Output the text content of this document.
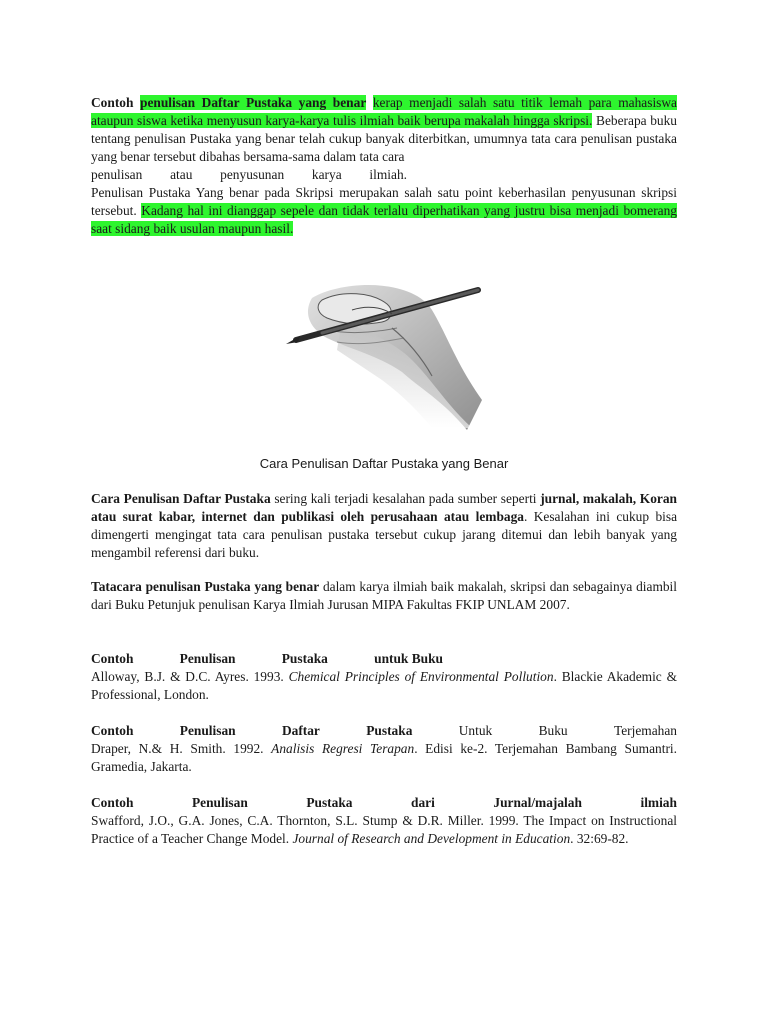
Contoh penulisan Daftar Pustaka yang benar kerap menjadi salah satu titik lemah para mahasiswa ataupun siswa ketika menyusun karya-karya tulis ilmiah baik berupa makalah hingga skripsi. Beberapa buku tentang penulisan Pustaka yang benar telah cukup banyak diterbitkan, umumnya tata cara penulisan pustaka yang benar tersebut dibahas bersama-sama dalam tata cara
penulisan atau penyusunan karya ilmiah.
Penulisan Pustaka Yang benar pada Skripsi merupakan salah satu point keberhasilan penyusunan skripsi tersebut. Kadang hal ini dianggap sepele dan tidak terlalu diperhatikan yang justru bisa menjadi bomerang saat sidang baik usulan maupun hasil.
Cara Penulisan Daftar Pustaka yang Benar
Cara Penulisan Daftar Pustaka sering kali terjadi kesalahan pada sumber seperti jurnal, makalah, Koran atau surat kabar, internet dan publikasi oleh perusahaan atau lembaga. Kesalahan ini cukup bisa dimengerti mengingat tata cara penulisan pustaka tersebut cukup jarang ditemui dan lebih banyak yang mengambil referensi dari buku.
Tatacara penulisan Pustaka yang benar dalam karya ilmiah baik makalah, skripsi dan sebagainya diambil dari Buku Petunjuk penulisan Karya Ilmiah Jurusan MIPA Fakultas FKIP UNLAM 2007.
Contoh	Penulisan	Pustaka	untuk Buku
Alloway, B.J. & D.C. Ayres. 1993. Chemical Principles of Environmental Pollution. Blackie Akademic & Professional, London.
Contoh	Penulisan	Daftar	Pustaka	Untuk	Buku	Terjemahan
Draper, N.& H. Smith. 1992. Analisis Regresi Terapan. Edisi ke-2. Terjemahan Bambang Sumantri. Gramedia, Jakarta.
Contoh	Penulisan	Pustaka	dari	Jurnal/majalah	ilmiah
Swafford, J.O., G.A. Jones, C.A. Thornton, S.L. Stump & D.R. Miller. 1999. The Impact on Instructional Practice of a Teacher Change Model. Journal of Research and Development in Education. 32:69-82.
